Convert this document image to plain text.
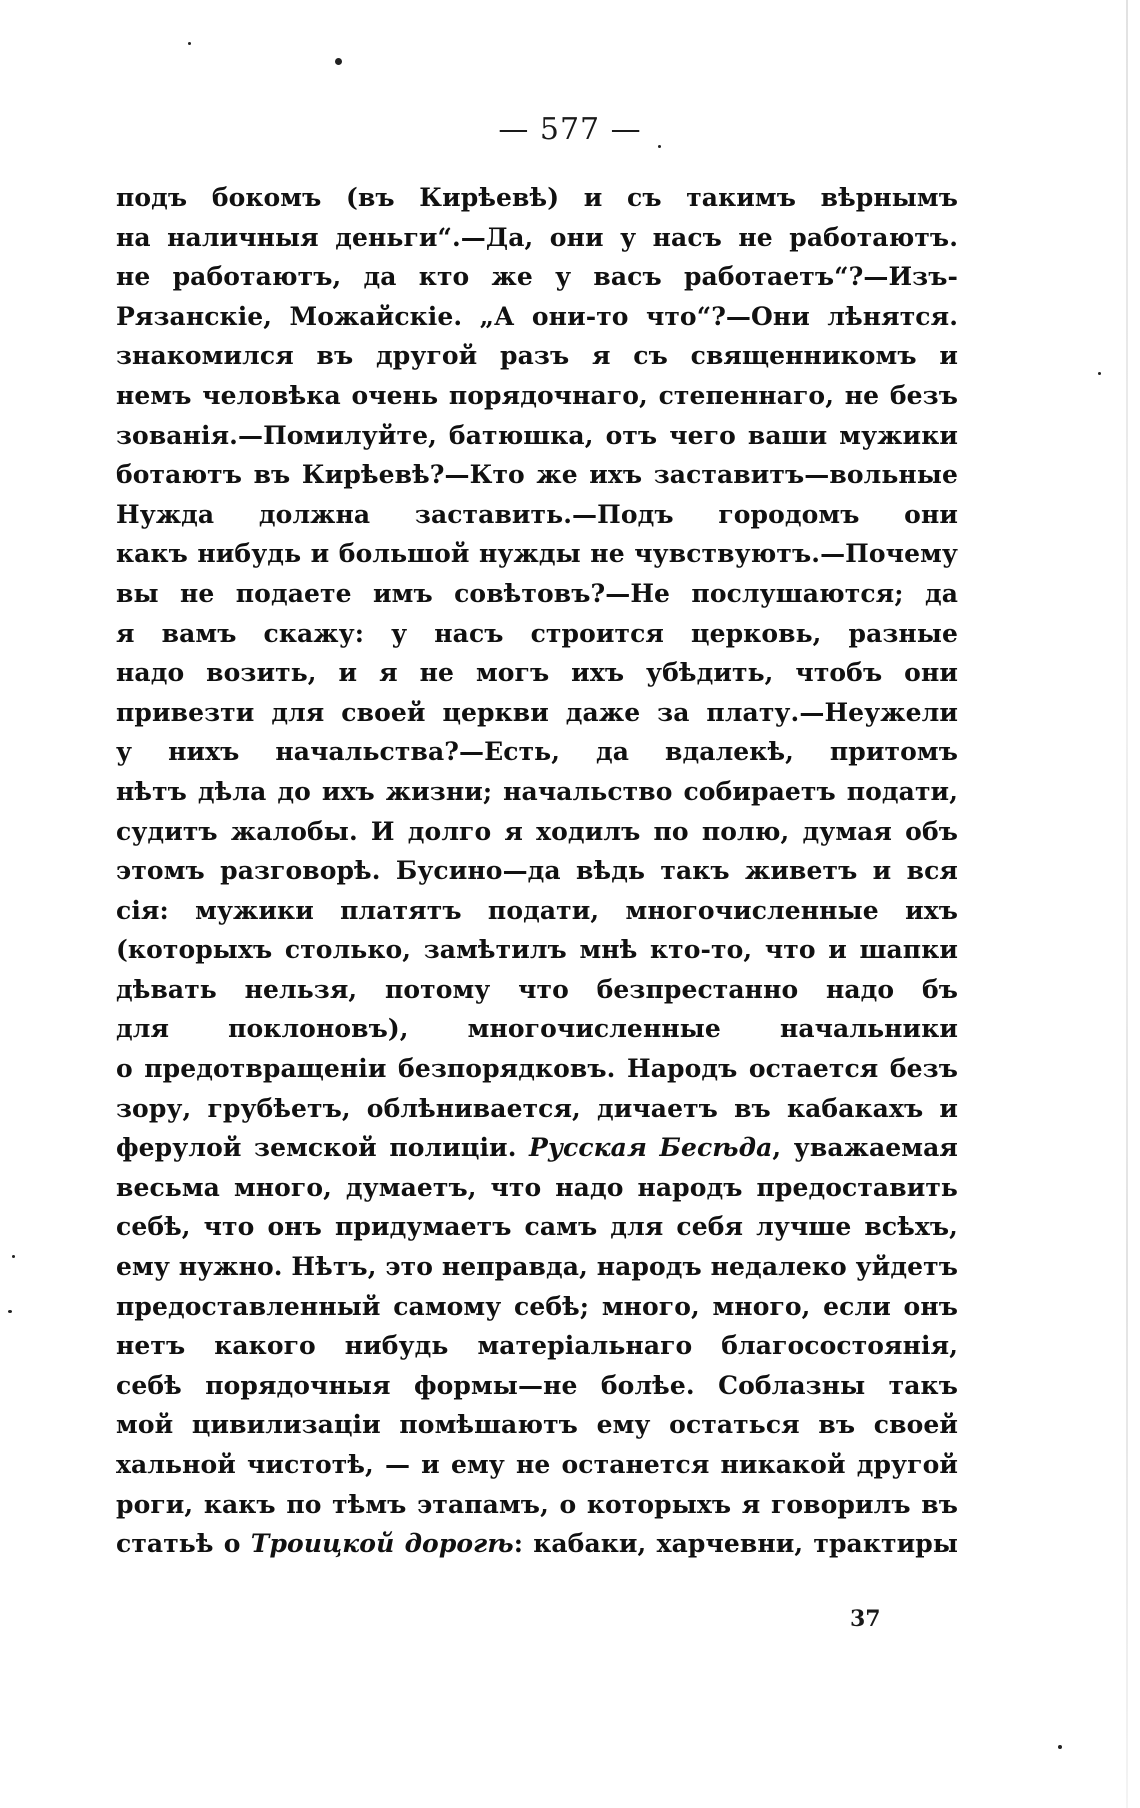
— 577 —
подъ бокомъ (въ Кирѣевѣ) и съ такимъ вѣрнымъ
на наличныя деньги“.—Да, они у насъ не работаютъ.
не работаютъ, да кто же у васъ работаетъ“?—Изъ-
Рязанскіе, Можайскіе. „А они-то что“?—Они лѣнятся.
знакомился въ другой разъ я съ священникомъ и
немъ человѣка очень порядочнаго, степеннаго, не безъ
зованія.—Помилуйте, батюшка, отъ чего ваши мужики
ботаютъ въ Кирѣевѣ?—Кто же ихъ заставитъ—вольные
Нужда должна заставить.—Подъ городомъ они
какъ нибудь и большой нужды не чувствуютъ.—Почему
вы не подаете имъ совѣтовъ?—Не послушаются; да
я вамъ скажу: у насъ строится церковь, разные
надо возить, и я не могъ ихъ убѣдить, чтобъ они
привезти для своей церкви даже за плату.—Неужели
у нихъ начальства?—Есть, да вдалекѣ, притомъ
нѣтъ дѣла до ихъ жизни; начальство собираетъ подати,
судитъ жалобы. И долго я ходилъ по полю, думая объ
этомъ разговорѣ. Бусино—да вѣдь такъ живетъ и вся
сія: мужики платятъ подати, многочисленные ихъ
(которыхъ столько, замѣтилъ мнѣ кто-то, что и шапки
дѣвать нельзя, потому что безпрестанно надо бъ
для поклоновъ), многочисленные начальники
о предотвращеніи безпорядковъ. Народъ остается безъ
зору, грубѣетъ, облѣнивается, дичаетъ въ кабакахъ и
ферулой земской полиціи. Русская Бесѣда, уважаемая
весьма много, думаетъ, что надо народъ предоставить
себѣ, что онъ придумаетъ самъ для себя лучше всѣхъ,
ему нужно. Нѣтъ, это неправда, народъ недалеко уйдетъ
предоставленный самому себѣ; много, много, если онъ
нетъ какого нибудь матеріальнаго благосостоянія,
себѣ порядочныя формы—не болѣе. Соблазны такъ
мой цивилизаціи помѣшаютъ ему остаться въ своей
хальной чистотѣ, — и ему не останется никакой другой
роги, какъ по тѣмъ этапамъ, о которыхъ я говорилъ въ
статьѣ о Троицкой дорогѣ: кабаки, харчевни, трактиры
37
